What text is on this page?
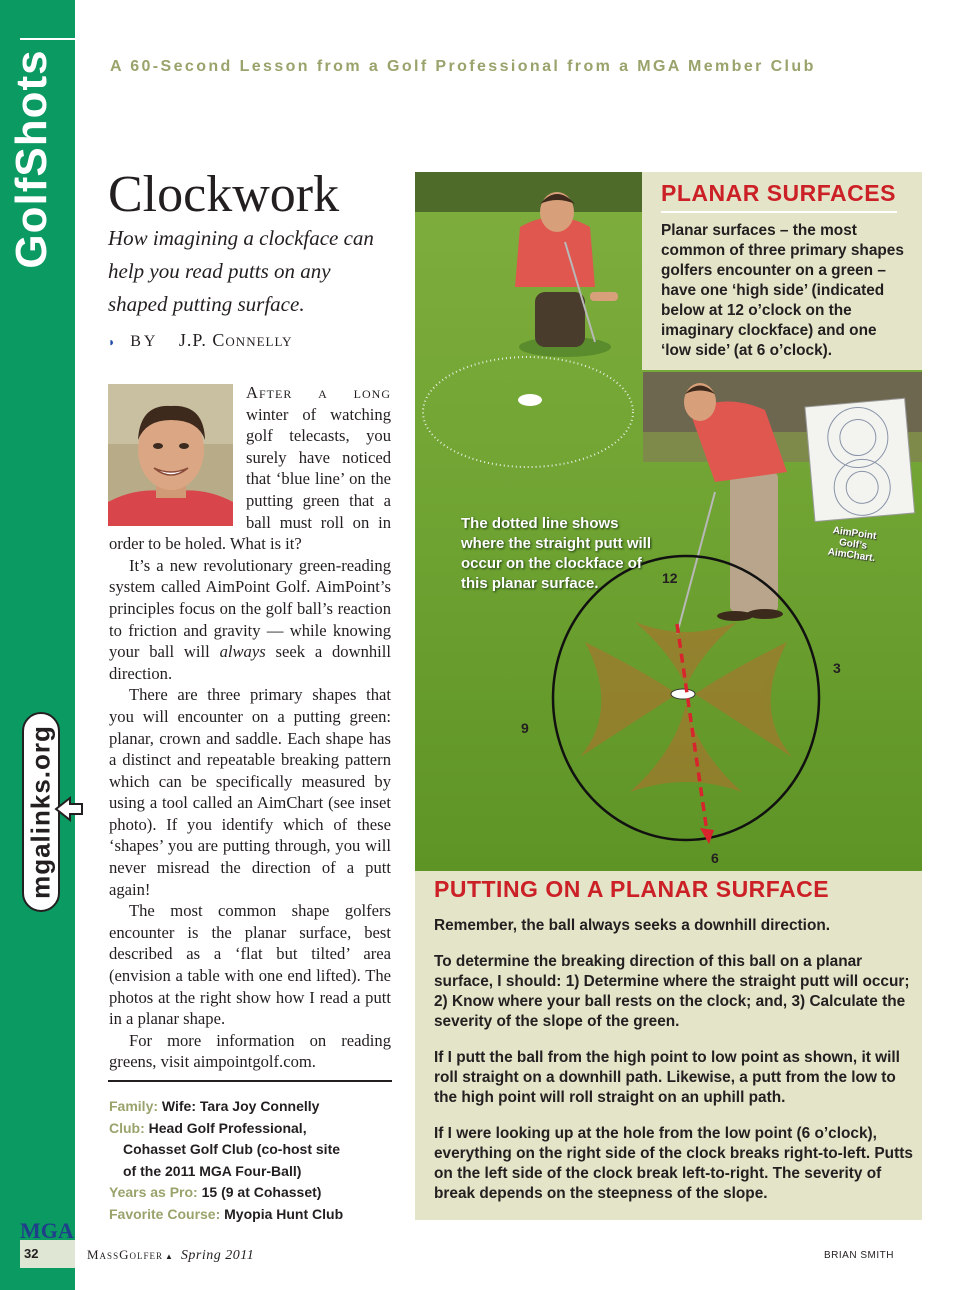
GolfShots
mgalinks.org
MGA
32
A 60-Second Lesson from a Golf Professional from a MGA Member Club
Clockwork
How imagining a clockface can help you read putts on any shaped putting surface.
◗ BY J.P. Connelly

After a long winter of watching golf telecasts, you surely have noticed that ‘blue line’ on the putting green that a ball must roll on in order to be holed. What is it?

It’s a new revolutionary green-reading system called AimPoint Golf. AimPoint’s principles focus on the golf ball’s reaction to friction and gravity — while knowing your ball will always seek a downhill direction.

There are three primary shapes that you will encounter on a putting green: planar, crown and saddle. Each shape has a distinct and repeatable breaking pattern which can be specifically measured by using a tool called an AimChart (see inset photo). If you identify which of these ‘shapes’ you are putting through, you will never misread the direction of a putt again!

The most common shape golfers encounter is the planar surface, best described as a ‘flat but tilted’ area (envision a table with one end lifted). The photos at the right show how I read a putt in a planar shape.

For more information on reading greens, visit aimpointgolf.com.

Family: Wife: Tara Joy Connelly
Club: Head Golf Professional,
Cohasset Golf Club (co-host site
of the 2011 MGA Four-Ball)
Years as Pro: 15 (9 at Cohasset)
Favorite Course: Myopia Hunt Club
PLANAR SURFACES
Planar surfaces – the most common of three primary shapes golfers encounter on a green – have one ‘high side’ (indicated below at 12 o’clock on the imaginary clockface) and one ‘low side’ (at 6 o’clock).
The dotted line shows where the straight putt will occur on the clockface of this planar surface.
AimPoint Golf’s AimChart.
12
3
6
9
PUTTING ON A PLANAR SURFACE

Remember, the ball always seeks a downhill direction.

To determine the breaking direction of this ball on a planar surface, I should: 1) Determine where the straight putt will occur; 2) Know where your ball rests on the clock; and, 3) Calculate the severity of the slope of the green.

If I putt the ball from the high point to low point as shown, it will roll straight on a downhill path. Likewise, a putt from the low to the high point will roll straight on an uphill path.

If I were looking up at the hole from the low point (6 o’clock), everything on the right side of the clock breaks right-to-left. Putts on the left side of the clock break left-to-right. The severity of break depends on the steepness of the slope.

MassGolfer ▲ Spring 2011	BRIAN SMITH
